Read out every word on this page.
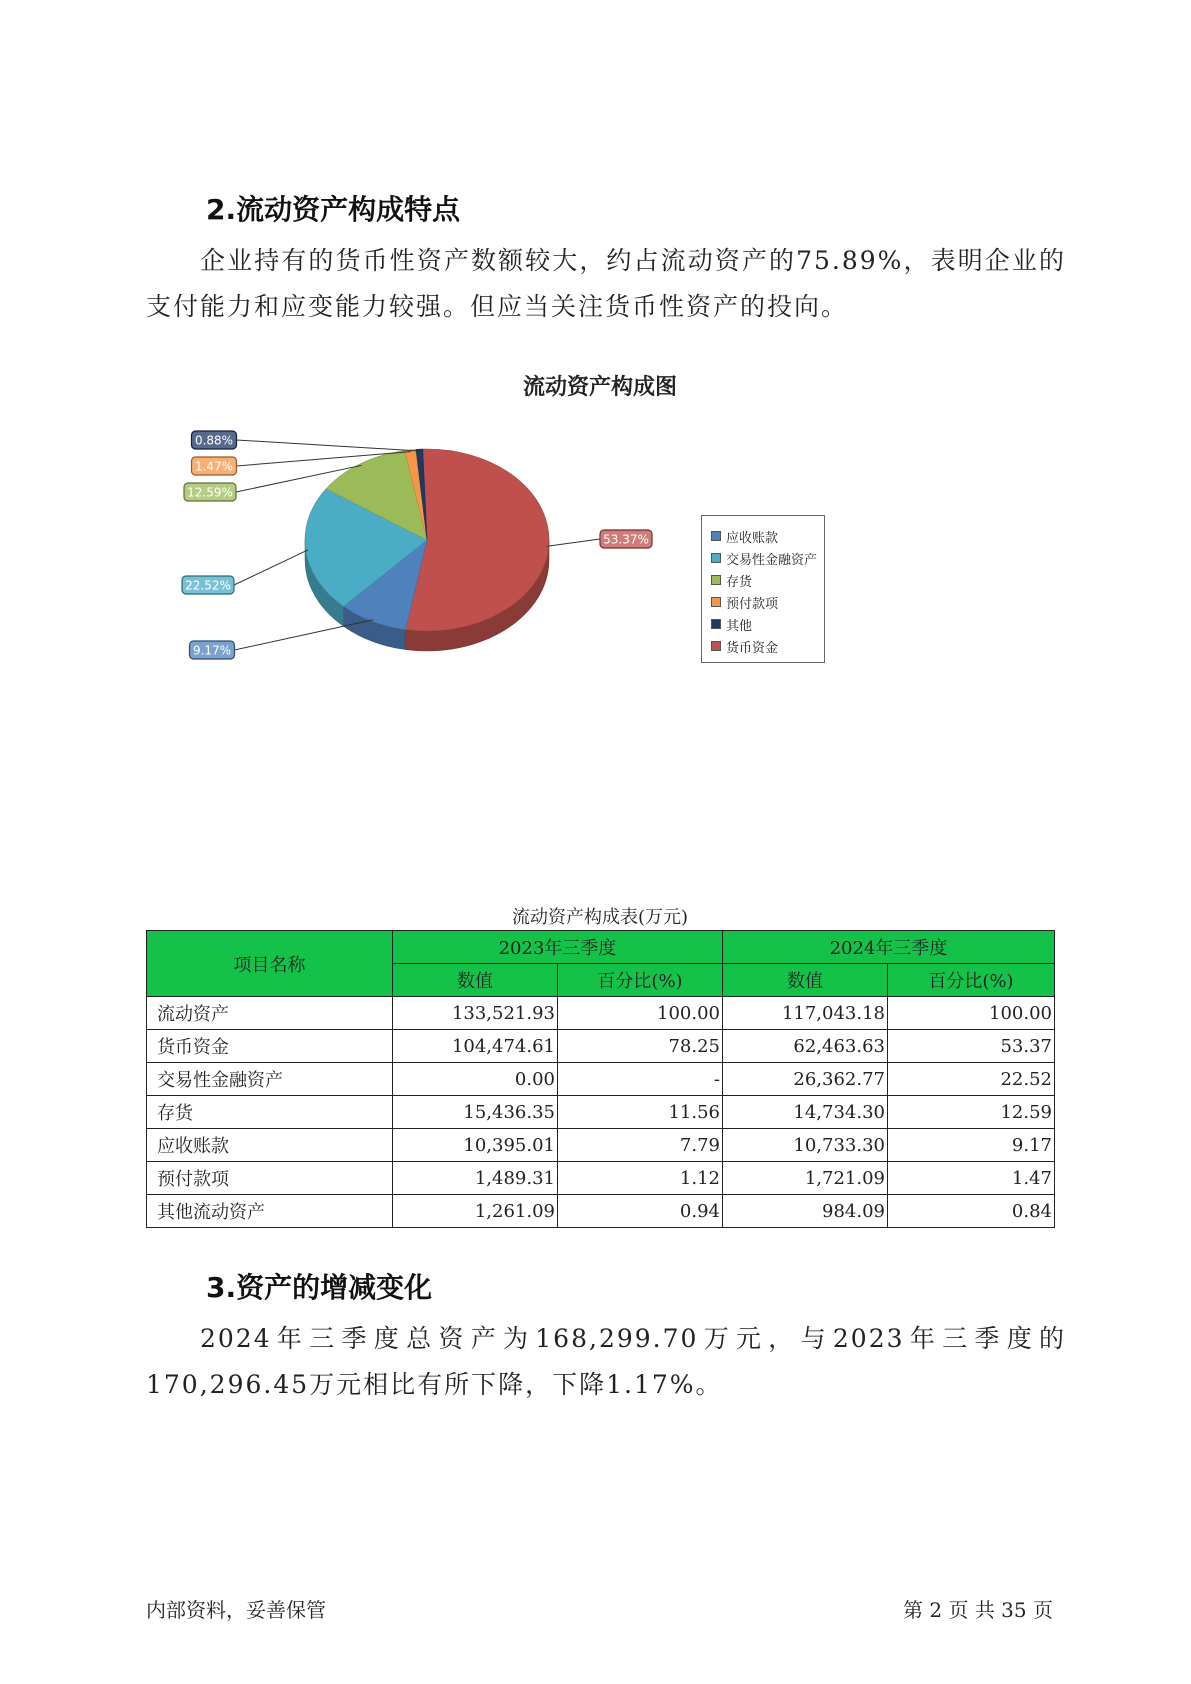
2.流动资产构成特点
企业持有的货币性资产数额较大，约占流动资产的75.89%，表明企业的支付能力和应变能力较强。但应当关注货币性资产的投向。
流动资产构成图
53.37%
9.17%
22.52%
12.59%
1.47%
0.88%
应收账款
交易性金融资产
存货
预付款项
其他
货币资金
流动资产构成表(万元)
项目名称	2023年三季度		2024年三季度	
	数值	百分比(%)	数值	百分比(%)
流动资产	133,521.93	100.00	117,043.18	100.00
货币资金	104,474.61	78.25	62,463.63	53.37
交易性金融资产	0.00	-	26,362.77	22.52
存货	15,436.35	11.56	14,734.30	12.59
应收账款	10,395.01	7.79	10,733.30	9.17
预付款项	1,489.31	1.12	1,721.09	1.47
其他流动资产	1,261.09	0.94	984.09	0.84
3.资产的增减变化
2024年三季度总资产为168,299.70万元，与2023年三季度的170,296.45万元相比有所下降，下降1.17%。
内部资料，妥善保管	第 2 页 共 35 页
